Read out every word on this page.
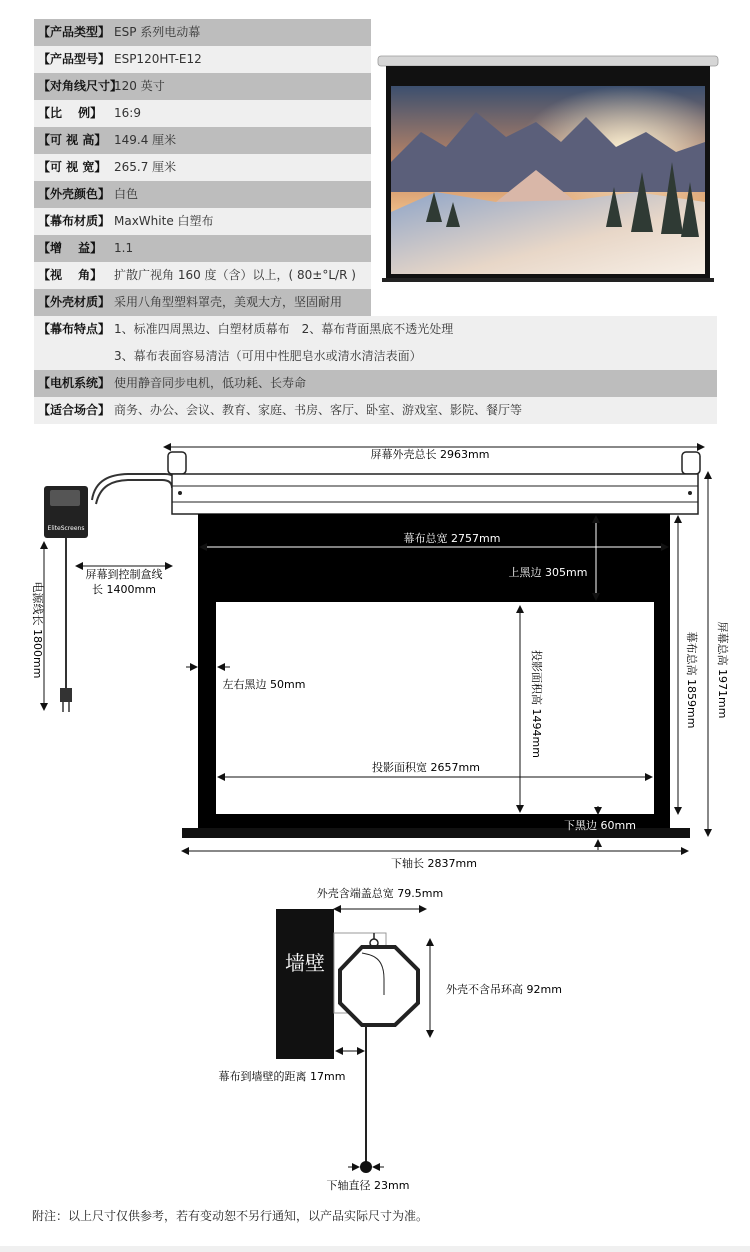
【产品类型】 ESP 系列电动幕
【产品型号】 ESP120HT-E12
【对角线尺寸】120 英寸
【比　 例】 16:9
【可 视 高】 149.4 厘米
【可 视 宽】 265.7 厘米
【外壳颜色】 白色
【幕布材质】 MaxWhite 白塑布
【增　 益】 1.1
【视　 角】 扩散广视角 160 度（含）以上，( 80±°L/R )
【外壳材质】 采用八角型塑料罩壳，美观大方，坚固耐用
【幕布特点】 1、标准四周黑边、白塑材质幕布　2、幕布背面黑底不透光处理
3、幕布表面容易清洁（可用中性肥皂水或清水清洁表面）
【电机系统】 使用静音同步电机，低功耗、长寿命
【适合场合】 商务、办公、会议、教育、家庭、书房、客厅、卧室、游戏室、影院、餐厅等
EliteScreens
屏幕外壳总长 2963mm
幕布总宽 2757mm
上黑边 305mm
屏幕到控制盒线
长 1400mm
电源线长 1800mm
左右黑边 50mm	投影面积高 1494mm	幕布总高 1859mm 屏幕总高 1971mm
投影面积宽 2657mm
下黑边 60mm
下轴长 2837mm
外壳含端盖总宽 79.5mm
墙壁
外壳不含吊环高 92mm
幕布到墙壁的距离 17mm
下轴直径 23mm
附注：以上尺寸仅供参考，若有变动恕不另行通知，以产品实际尺寸为准。
